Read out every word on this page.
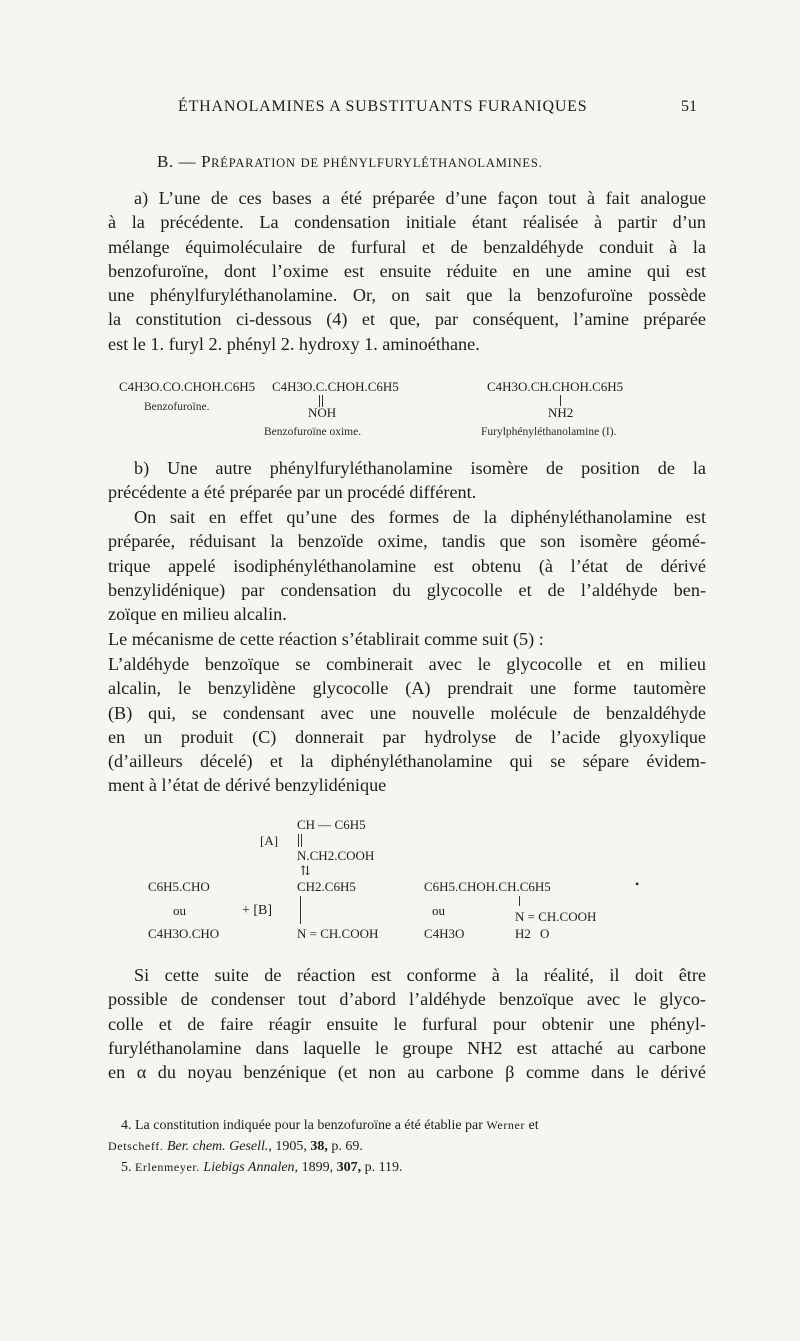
ÉTHANOLAMINES A SUBSTITUANTS FURANIQUES	51
B. — PRÉPARATION DE PHÉNYLFURYLÉTHANOLAMINES.
a) L’une de ces bases a été préparée d’une façon tout à fait analogue
à la précédente. La condensation initiale étant réalisée à partir d’un
mélange équimoléculaire de furfural et de benzaldéhyde conduit à la
benzofuroïne, dont l’oxime est ensuite réduite en une amine qui est
une phénylfuryléthanolamine. Or, on sait que la benzofuroïne possède
la constitution ci-dessous (4) et que, par conséquent, l’amine préparée
est le 1. furyl 2. phényl 2. hydroxy 1. aminoéthane.
C4H3O.CO.CHOH.C6H5
Benzofuroïne.
C4H3O.C.CHOH.C6H5
NOH
Benzofuroïne oxime.
C4H3O.CH.CHOH.C6H5
NH2
Furylphényléthanolamine (I).
b) Une autre phénylfuryléthanolamine isomère de position de la
précédente a été préparée par un procédé différent.
On sait en effet qu’une des formes de la diphényléthanolamine est
préparée, réduisant la benzoïde oxime, tandis que son isomère géomé-
trique appelé isodiphényléthanolamine est obtenu (à l’état de dérivé
benzylidénique) par condensation du glycocolle et de l’aldéhyde ben-
zoïque en milieu alcalin.
Le mécanisme de cette réaction s’établirait comme suit (5) :
L’aldéhyde benzoïque se combinerait avec le glycocolle et en milieu
alcalin, le benzylidène glycocolle (A) prendrait une forme tautomère
(B) qui, se condensant avec une nouvelle molécule de benzaldéhyde
en un produit (C) donnerait par hydrolyse de l’acide glyoxylique
(d’ailleurs décelé) et la diphényléthanolamine qui se sépare évidem-
ment à l’état de dérivé benzylidénique
CH — C6H5
[A]
N.CH2.COOH
⇅
C6H5.CHO
ou
C4H3O.CHO
+ [B]
CH2.C6H5
N = CH.COOH
C6H5.CHOH.CH.C6H5
ou
C4H3O
N = CH.COOH
H2 O
•
Si cette suite de réaction est conforme à la réalité, il doit être
possible de condenser tout d’abord l’aldéhyde benzoïque avec le glyco-
colle et de faire réagir ensuite le furfural pour obtenir une phényl-
furyléthanolamine dans laquelle le groupe NH2 est attaché au carbone
en α du noyau benzénique (et non au carbone β comme dans le dérivé
4. La constitution indiquée pour la benzofuroïne a été établie par Werner et
Detscheff. Ber. chem. Gesell., 1905, 38, p. 69.
5. Erlenmeyer. Liebigs Annalen, 1899, 307, p. 119.
